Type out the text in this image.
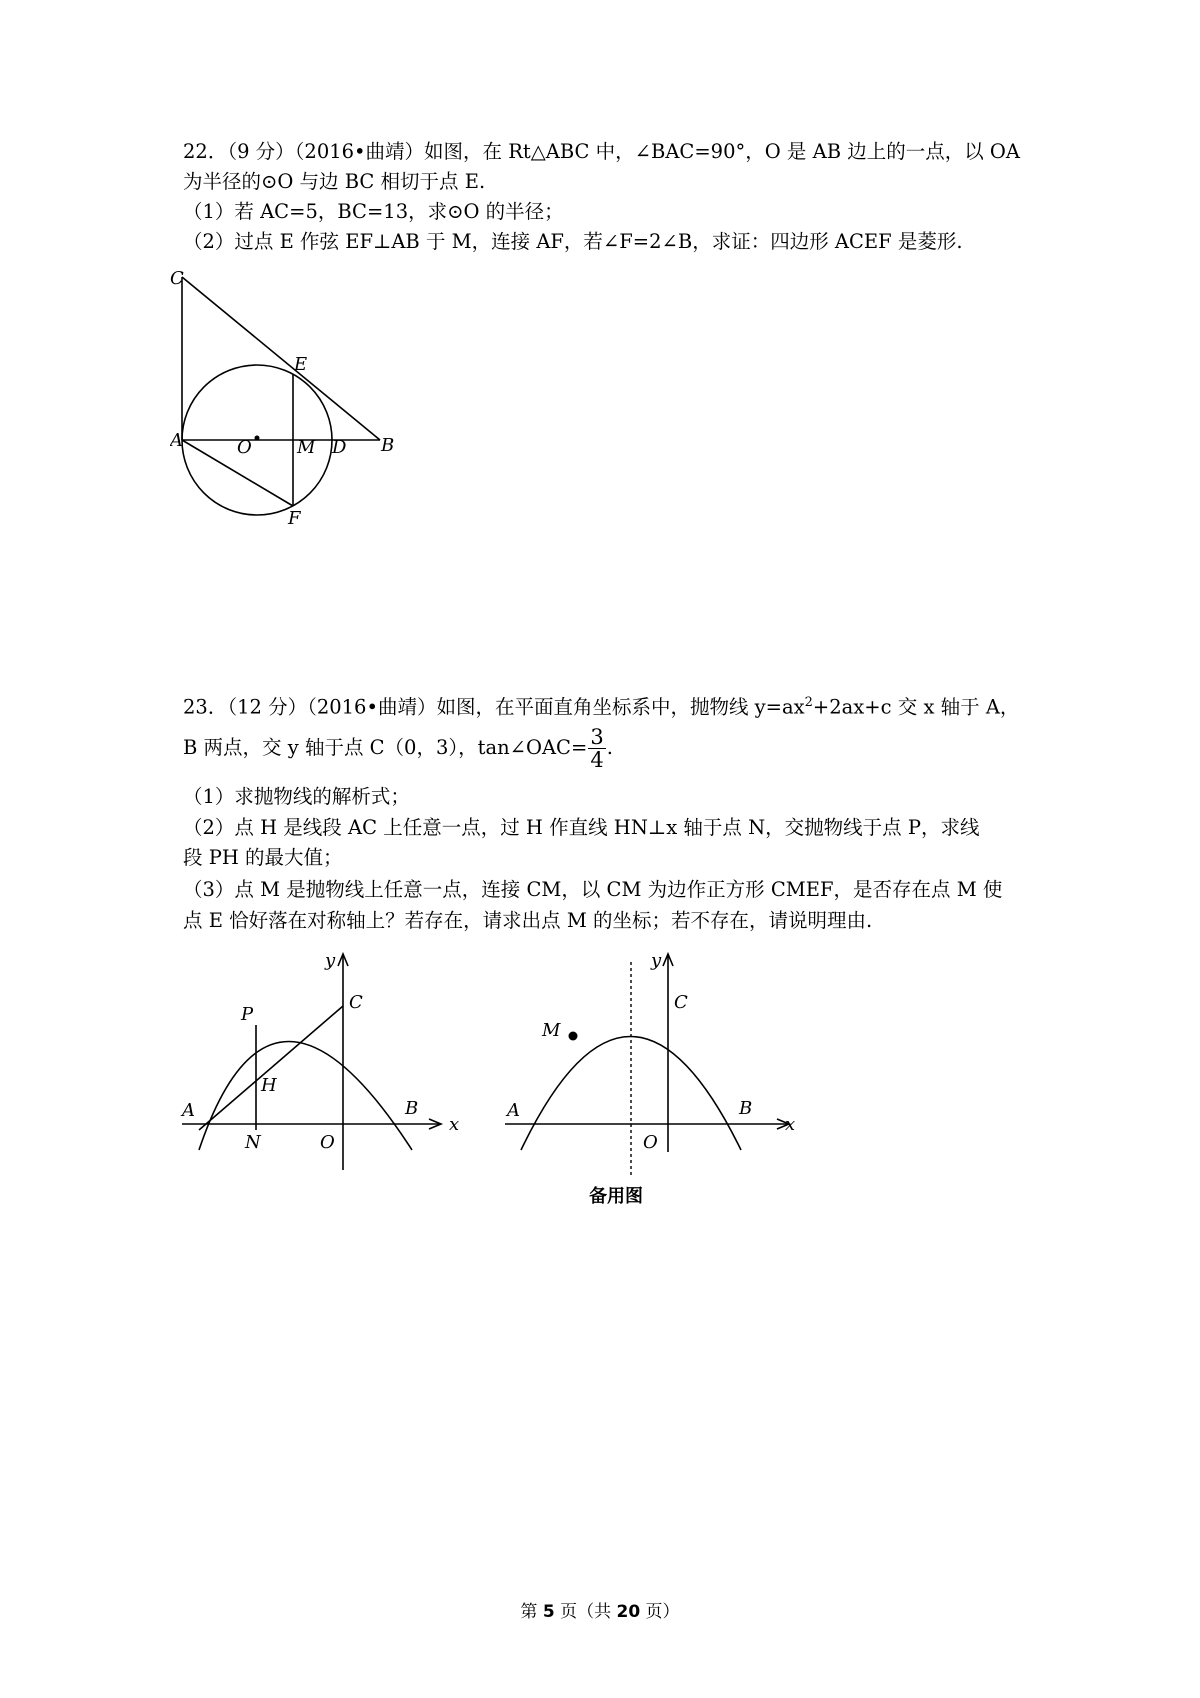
22．（9 分）（2016•曲靖）如图，在 Rt△ABC 中，∠BAC=90°，O 是 AB 边上的一点，以 OA
为半径的⊙O 与边 BC 相切于点 E.
（1）若 AC=5，BC=13，求⊙O 的半径；
（2）过点 E 作弦 EF⊥AB 于 M，连接 AF，若∠F=2∠B，求证：四边形 ACEF 是菱形.
C
E
A	O	M D B
F
23．（12 分）（2016•曲靖）如图，在平面直角坐标系中，抛物线 $y=ax^2+2ax+c$ 交 x 轴于 A，
B 两点，交 y 轴于点 C（0，3），tan∠OAC= $\frac{3}{4}$ .
（1）求抛物线的解析式；
（2）点 H 是线段 AC 上任意一点，过 H 作直线 HN⊥x 轴于点 N，交抛物线于点 P，求线
段 PH 的最大值；
（3）点 M 是抛物线上任意一点，连接 CM，以 CM 为边作正方形 CMEF，是否存在点 M 使
点 E 恰好落在对称轴上？若存在，请求出点 M 的坐标；若不存在，请说明理由.
y
P
C
H
A	B
x
N	O
y
M
C
A	B
x
O
备用图
第 5 页（共 20 页）
